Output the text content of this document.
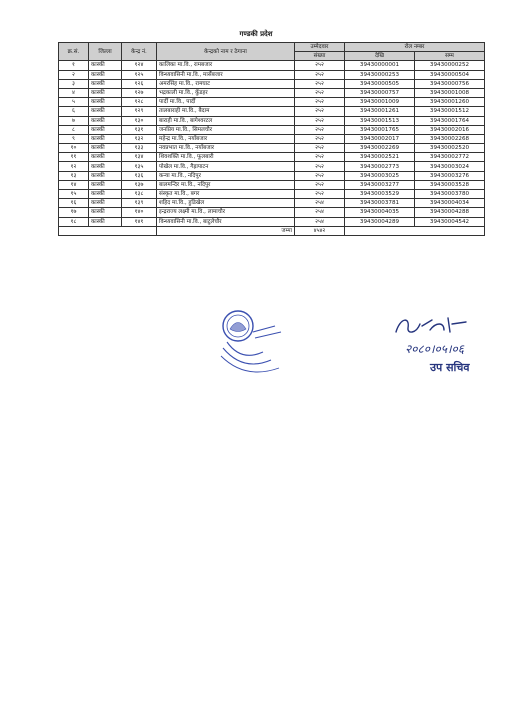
गण्डकी प्रदेश
क्र.सं.	जिल्ला	केन्द्र नं.	केन्द्रको नाम र ठेगाना	उम्मेदवार	रोल नम्बर	
				संख्या	देखि	सम्म
१	कास्की	१२४	कालिका मा.वि., रामबजार	२५२	39430000001	39430000252
२	कास्की	१२५	विन्ध्यवासिनी मा.वि., मार्सेबजार	२५२	39430000253	39430000504
३	कास्की	१२६	अमरसिंह मा.वि., रामघाट	२५२	39430000505	39430000756
४	कास्की	१२७	भद्रकाली मा.वि., कुँडहर	२५२	39430000757	39430001008
५	कास्की	१२८	पार्दी मा.वि., पार्दी	२५२	39430001009	39430001260
६	कास्की	१२९	तालबाराही मा.वि., बैदाम	२५२	39430001261	39430001512
७	कास्की	१३०	बाराही मा.वि., बागेश्वरटल	२५२	39430001513	39430001764
८	कास्की	१३१	जनप्रिय मा.वि., सिमलचौर	२५२	39430001765	39430002016
९	कास्की	१३२	महेन्द्र मा.वि., नयाँबजार	२५२	39430002017	39430002268
१०	कास्की	१३३	नवप्रभात मा.वि., नयाँबजार	२५२	39430002269	39430002520
११	कास्की	१३४	शिवशक्ति मा.वि., फूलबारी	२५२	39430002521	39430002772
१२	कास्की	१३५	पोखेल मा.वि., गैह्रापाटन	२५२	39430002773	39430003024
१३	कास्की	१३६	कन्या मा.वि., नदिपुर	२५२	39430003025	39430003276
१४	कास्की	१३७	बालमन्दिर मा.वि., नदिपुर	२५२	39430003277	39430003528
१५	कास्की	१३८	संस्कृत मा.वि., बगर	२५२	39430003529	39430003780
१६	कास्की	१३९	शहिद मा.वि., हुडिखेल	२५४	39430003781	39430004034
१७	कास्की	१४०	इन्द्रराज्य लक्ष्मी मा.वि., लामाचौर	२५४	39430004035	39430004288
१८	कास्की	१४१	विन्ध्यवासिनी मा.वि., बाटुलेचौर	२५४	39430004289	39430004542
			जम्मा	४५४२		
२०८०।०५।०६
उप सचिव
